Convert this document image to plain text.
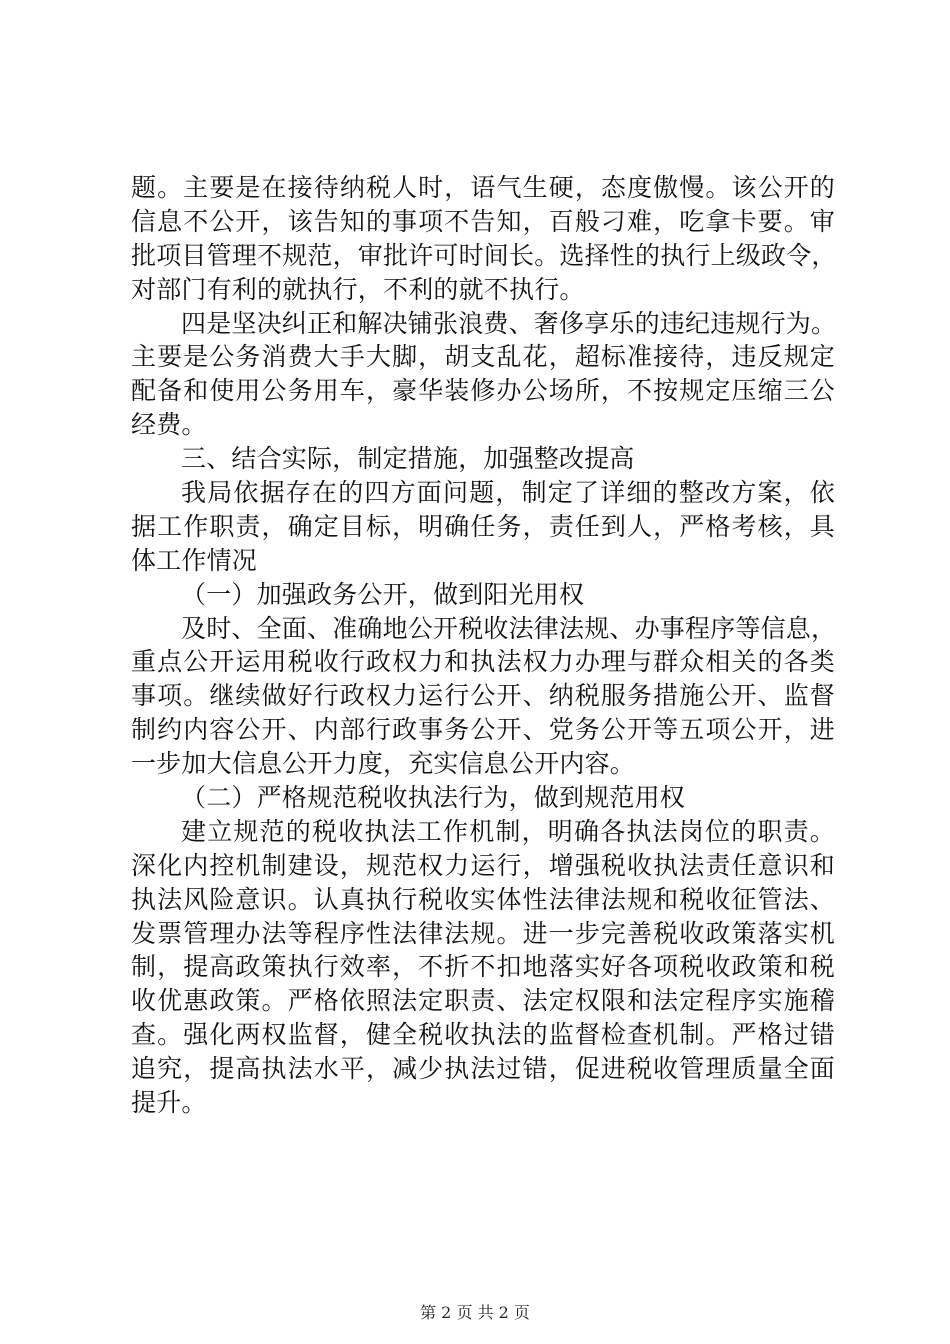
题。主要是在接待纳税人时，语气生硬，态度傲慢。该公开的
信息不公开，该告知的事项不告知，百般刁难，吃拿卡要。审
批项目管理不规范，审批许可时间长。选择性的执行上级政令，
对部门有利的就执行，不利的就不执行。
四是坚决纠正和解决铺张浪费、奢侈享乐的违纪违规行为。
主要是公务消费大手大脚，胡支乱花，超标准接待，违反规定
配备和使用公务用车，豪华装修办公场所，不按规定压缩三公
经费。
三、结合实际，制定措施，加强整改提高
我局依据存在的四方面问题，制定了详细的整改方案，依
据工作职责，确定目标，明确任务，责任到人，严格考核，具
体工作情况
（一）加强政务公开，做到阳光用权
及时、全面、准确地公开税收法律法规、办事程序等信息，
重点公开运用税收行政权力和执法权力办理与群众相关的各类
事项。继续做好行政权力运行公开、纳税服务措施公开、监督
制约内容公开、内部行政事务公开、党务公开等五项公开，进
一步加大信息公开力度，充实信息公开内容。
（二）严格规范税收执法行为，做到规范用权
建立规范的税收执法工作机制，明确各执法岗位的职责。
深化内控机制建设，规范权力运行，增强税收执法责任意识和
执法风险意识。认真执行税收实体性法律法规和税收征管法、
发票管理办法等程序性法律法规。进一步完善税收政策落实机
制，提高政策执行效率，不折不扣地落实好各项税收政策和税
收优惠政策。严格依照法定职责、法定权限和法定程序实施稽
查。强化两权监督，健全税收执法的监督检查机制。严格过错
追究，提高执法水平，减少执法过错，促进税收管理质量全面
提升。
第 2 页 共 2 页
